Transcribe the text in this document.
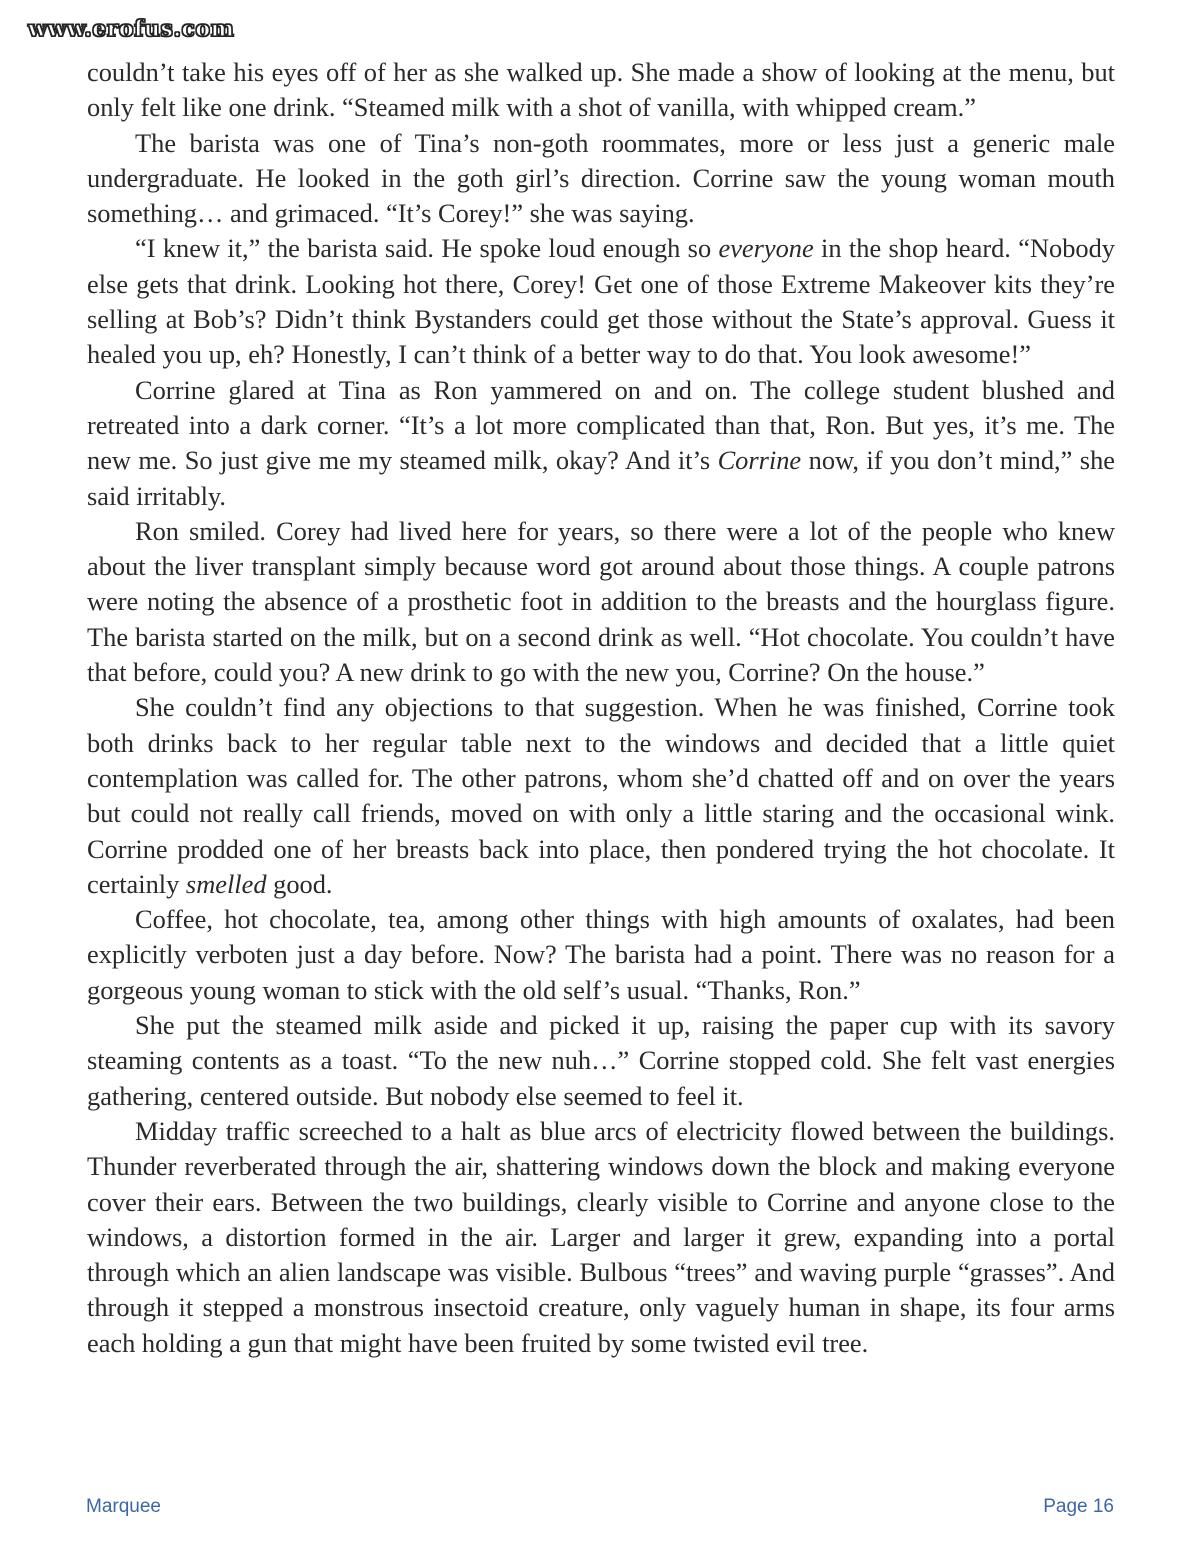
www.erofus.com

couldn’t take his eyes off of her as she walked up. She made a show of looking at the menu, but only felt like one drink. “Steamed milk with a shot of vanilla, with whipped cream.”

The barista was one of Tina’s non-goth roommates, more or less just a generic male undergraduate. He looked in the goth girl’s direction. Corrine saw the young woman mouth something… and grimaced. “It’s Corey!” she was saying.

“I knew it,” the barista said. He spoke loud enough so everyone in the shop heard. “Nobody else gets that drink. Looking hot there, Corey! Get one of those Extreme Makeover kits they’re selling at Bob’s? Didn’t think Bystanders could get those without the State’s approval. Guess it healed you up, eh? Honestly, I can’t think of a better way to do that. You look awesome!”

Corrine glared at Tina as Ron yammered on and on. The college student blushed and retreated into a dark corner. “It’s a lot more complicated than that, Ron. But yes, it’s me. The new me. So just give me my steamed milk, okay? And it’s Corrine now, if you don’t mind,” she said irritably.

Ron smiled. Corey had lived here for years, so there were a lot of the people who knew about the liver transplant simply because word got around about those things. A couple patrons were noting the absence of a prosthetic foot in addition to the breasts and the hourglass figure. The barista started on the milk, but on a second drink as well. “Hot chocolate. You couldn’t have that before, could you? A new drink to go with the new you, Corrine? On the house.”

She couldn’t find any objections to that suggestion. When he was finished, Corrine took both drinks back to her regular table next to the windows and decided that a little quiet contemplation was called for. The other patrons, whom she’d chatted off and on over the years but could not really call friends, moved on with only a little staring and the occasional wink. Corrine prodded one of her breasts back into place, then pondered trying the hot chocolate. It certainly smelled good.

Coffee, hot chocolate, tea, among other things with high amounts of oxalates, had been explicitly verboten just a day before. Now? The barista had a point. There was no reason for a gorgeous young woman to stick with the old self’s usual. “Thanks, Ron.”

She put the steamed milk aside and picked it up, raising the paper cup with its savory steaming contents as a toast. “To the new nuh…” Corrine stopped cold. She felt vast energies gathering, centered outside. But nobody else seemed to feel it.

Midday traffic screeched to a halt as blue arcs of electricity flowed between the buildings. Thunder reverberated through the air, shattering windows down the block and making everyone cover their ears. Between the two buildings, clearly visible to Corrine and anyone close to the windows, a distortion formed in the air. Larger and larger it grew, expanding into a portal through which an alien landscape was visible. Bulbous “trees” and waving purple “grasses”. And through it stepped a monstrous insectoid creature, only vaguely human in shape, its four arms each holding a gun that might have been fruited by some twisted evil tree.

Marquee	Page 16
